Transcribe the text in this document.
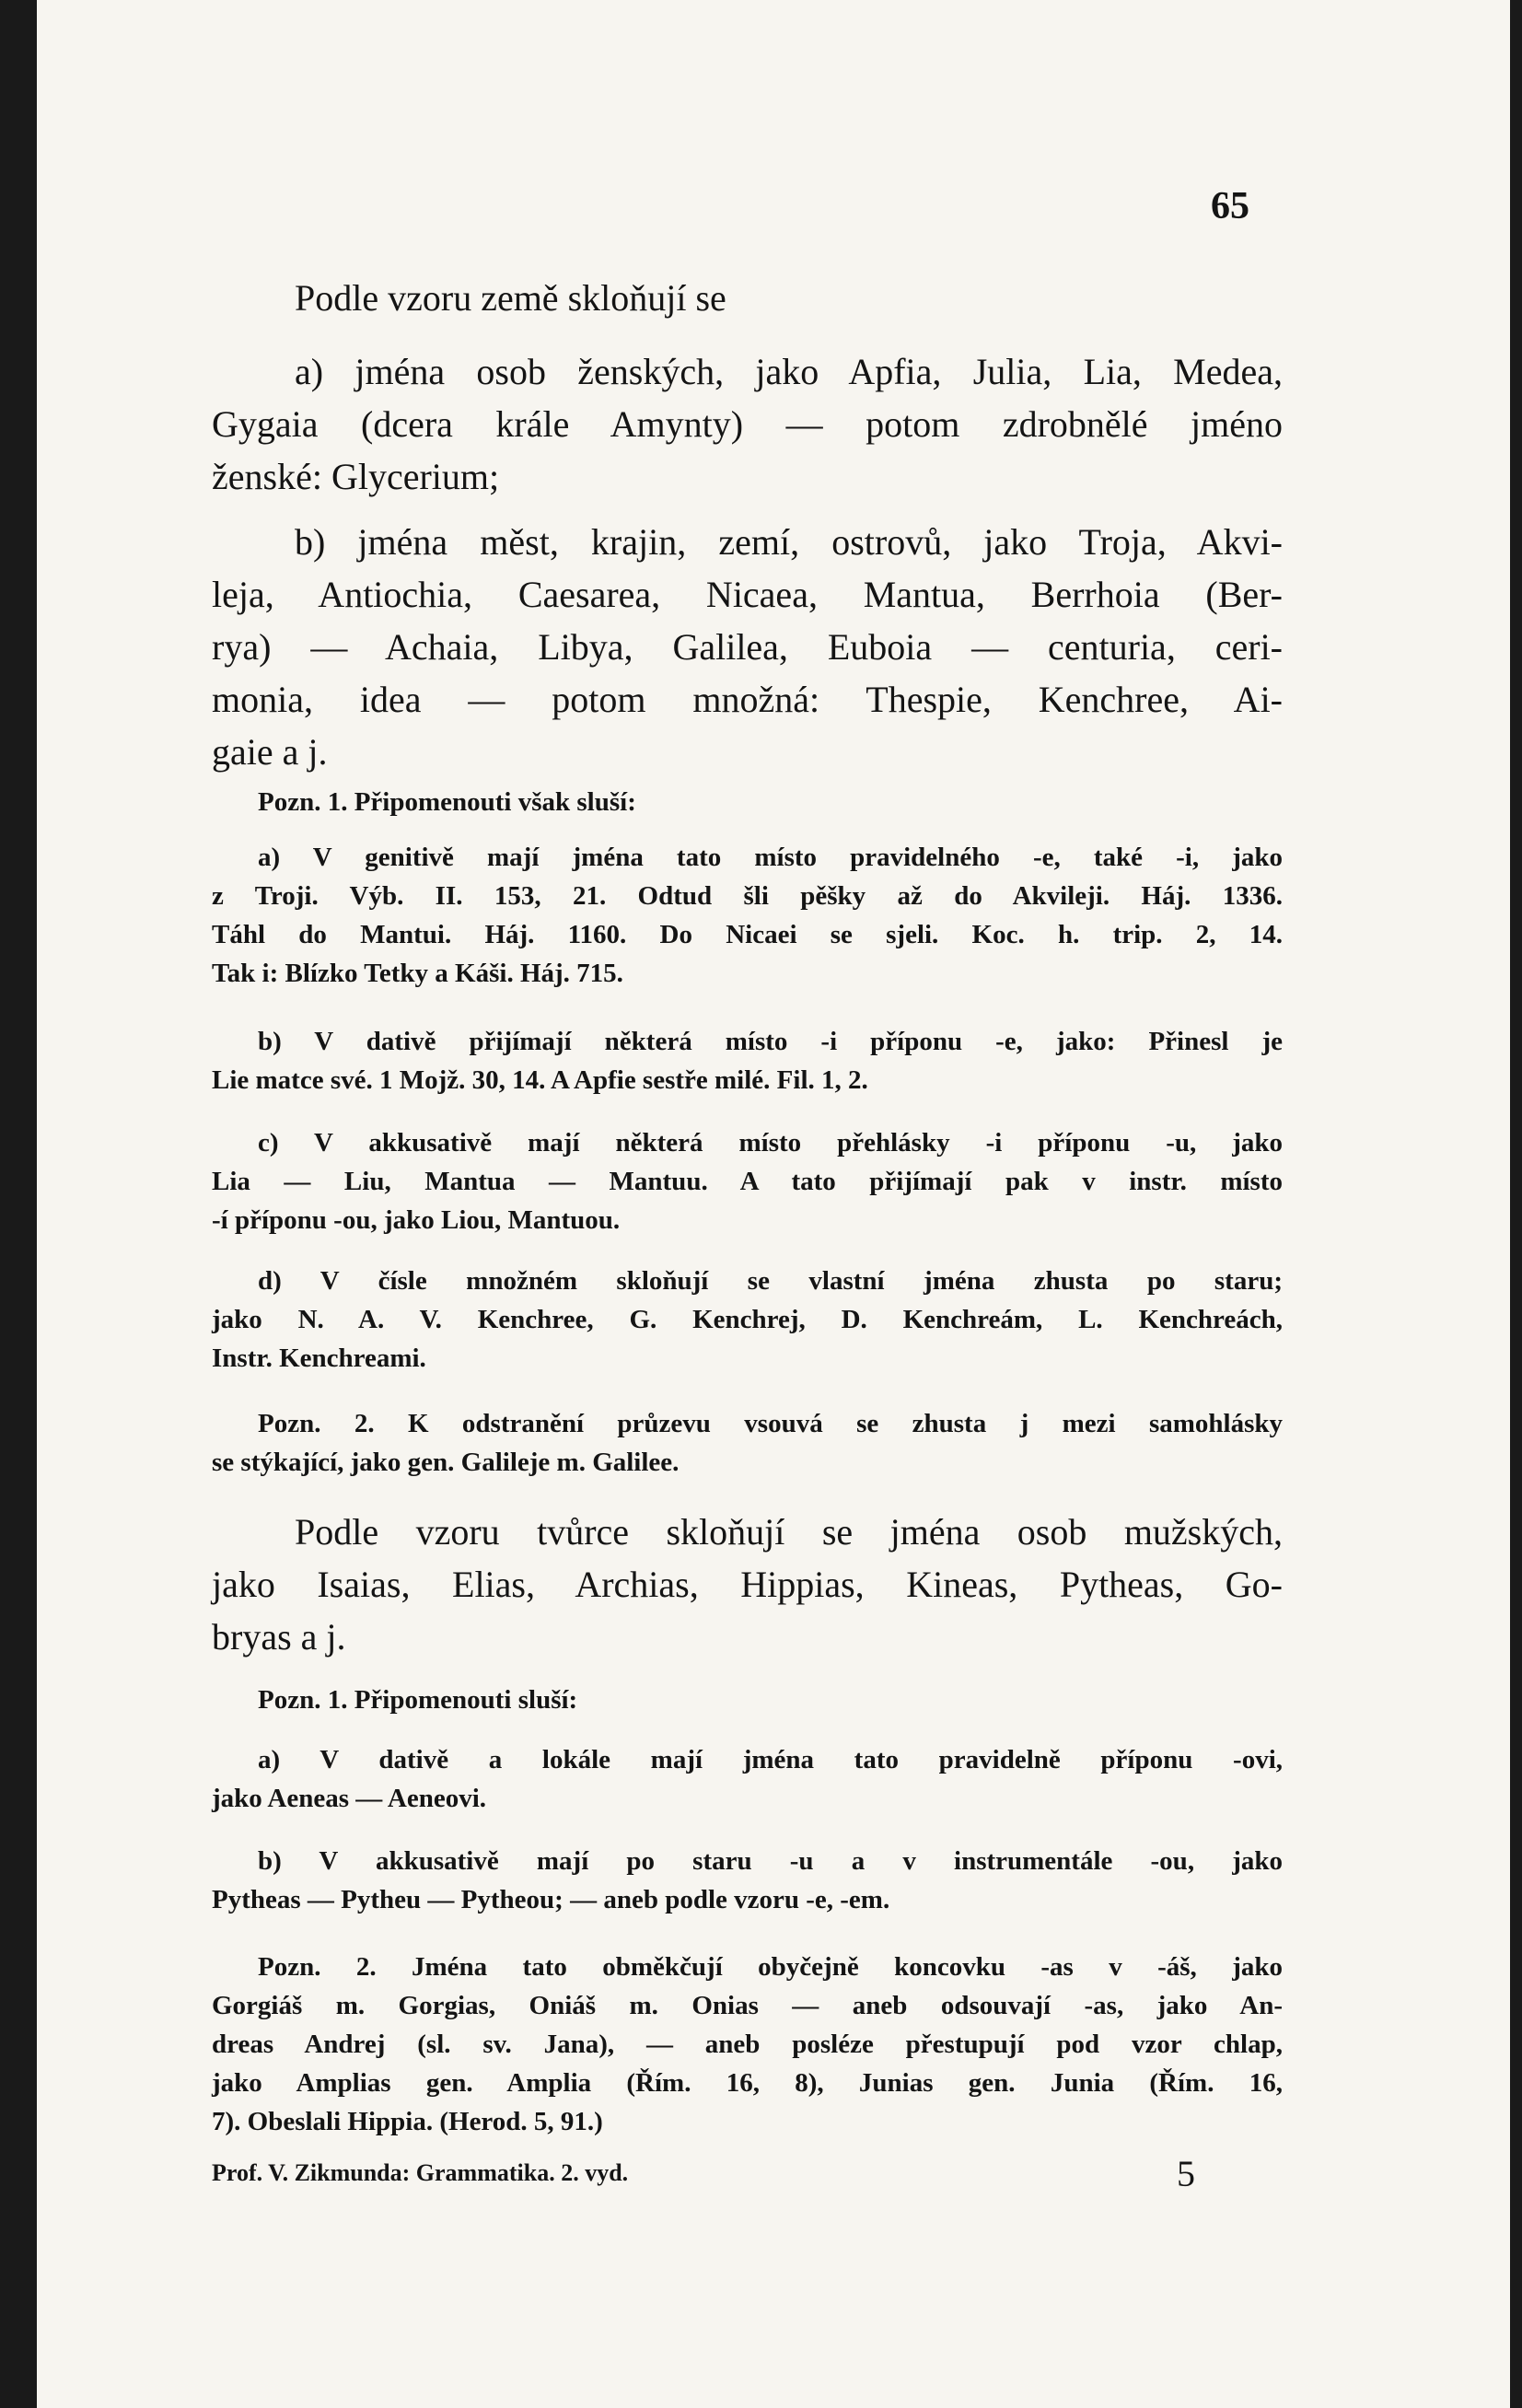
65

Podle vzoru země skloňují se

a) jména osob ženských, jako Apfia, Julia, Lia, Medea,
Gygaia (dcera krále Amynty) — potom zdrobnělé jméno
ženské: Glycerium;

b) jména měst, krajin, zemí, ostrovů, jako Troja, Akvi-
leja, Antiochia, Caesarea, Nicaea, Mantua, Berrhoia (Ber-
rya) — Achaia, Libya, Galilea, Euboia — centuria, ceri-
monia, idea — potom množná: Thespie, Kenchree, Ai-
gaie a j.

Pozn. 1. Připomenouti však sluší:

a) V genitivě mají jména tato místo pravidelného -e, také -i, jako
z Troji. Výb. II. 153, 21. Odtud šli pěšky až do Akvileji. Háj. 1336.
Táhl do Mantui. Háj. 1160. Do Nicaei se sjeli. Koc. h. trip. 2, 14.
Tak i: Blízko Tetky a Káši. Háj. 715.

b) V dativě přijímají některá místo -i příponu -e, jako: Přinesl je
Lie matce své. 1 Mojž. 30, 14. A Apfie sestře milé. Fil. 1, 2.

c) V akkusativě mají některá místo přehlásky -i příponu -u, jako
Lia — Liu, Mantua — Mantuu. A tato přijímají pak v instr. místo
-í příponu -ou, jako Liou, Mantuou.

d) V čísle množném skloňují se vlastní jména zhusta po staru;
jako N. A. V. Kenchree, G. Kenchrej, D. Kenchreám, L. Kenchreách,
Instr. Kenchreami.

Pozn. 2. K odstranění průzevu vsouvá se zhusta j mezi samohlásky
se stýkající, jako gen. Galileje m. Galilee.

Podle vzoru tvůrce skloňují se jména osob mužských,
jako Isaias, Elias, Archias, Hippias, Kineas, Pytheas, Go-
bryas a j.

Pozn. 1. Připomenouti sluší:

a) V dativě a lokále mají jména tato pravidelně příponu -ovi,
jako Aeneas — Aeneovi.

b) V akkusativě mají po staru -u a v instrumentále -ou, jako
Pytheas — Pytheu — Pytheou; — aneb podle vzoru -e, -em.

Pozn. 2. Jména tato obměkčují obyčejně koncovku -as v -áš, jako
Gorgiáš m. Gorgias, Oniáš m. Onias — aneb odsouvají -as, jako An-
dreas Andrej (sl. sv. Jana), — aneb posléze přestupují pod vzor chlap,
jako Amplias gen. Amplia (Řím. 16, 8), Junias gen. Junia (Řím. 16,
7). Obeslali Hippia. (Herod. 5, 91.)

Prof. V. Zikmunda: Grammatika. 2. vyd.	5
